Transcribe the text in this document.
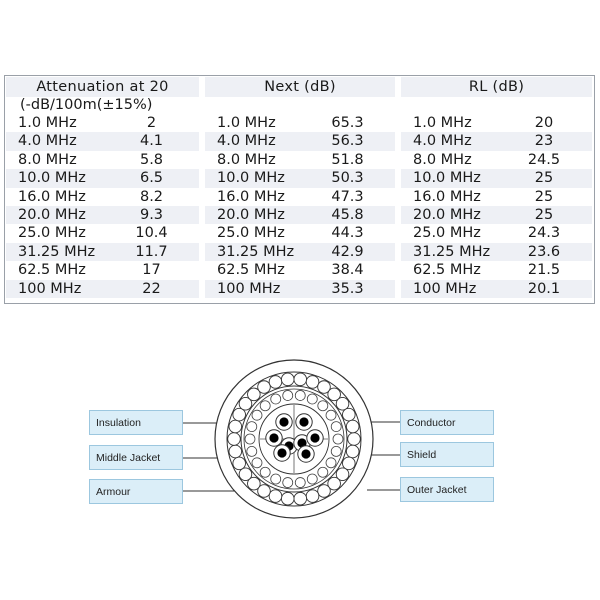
Attenuation at 20		Next (dB)		RL (dB)	
(-dB/100m(±15%)					
1.0 MHz	2	1.0 MHz	65.3	1.0 MHz	20
4.0 MHz	4.1	4.0 MHz	56.3	4.0 MHz	23
8.0 MHz	5.8	8.0 MHz	51.8	8.0 MHz	24.5
10.0 MHz	6.5	10.0 MHz	50.3	10.0 MHz	25
16.0 MHz	8.2	16.0 MHz	47.3	16.0 MHz	25
20.0 MHz	9.3	20.0 MHz	45.8	20.0 MHz	25
25.0 MHz	10.4	25.0 MHz	44.3	25.0 MHz	24.3
31.25 MHz	11.7	31.25 MHz	42.9	31.25 MHz	23.6
62.5 MHz	17	62.5 MHz	38.4	62.5 MHz	21.5
100 MHz	22	100 MHz	35.3	100 MHz	20.1
Insulation
Middle Jacket
Armour
Conductor
Shield
Outer Jacket
